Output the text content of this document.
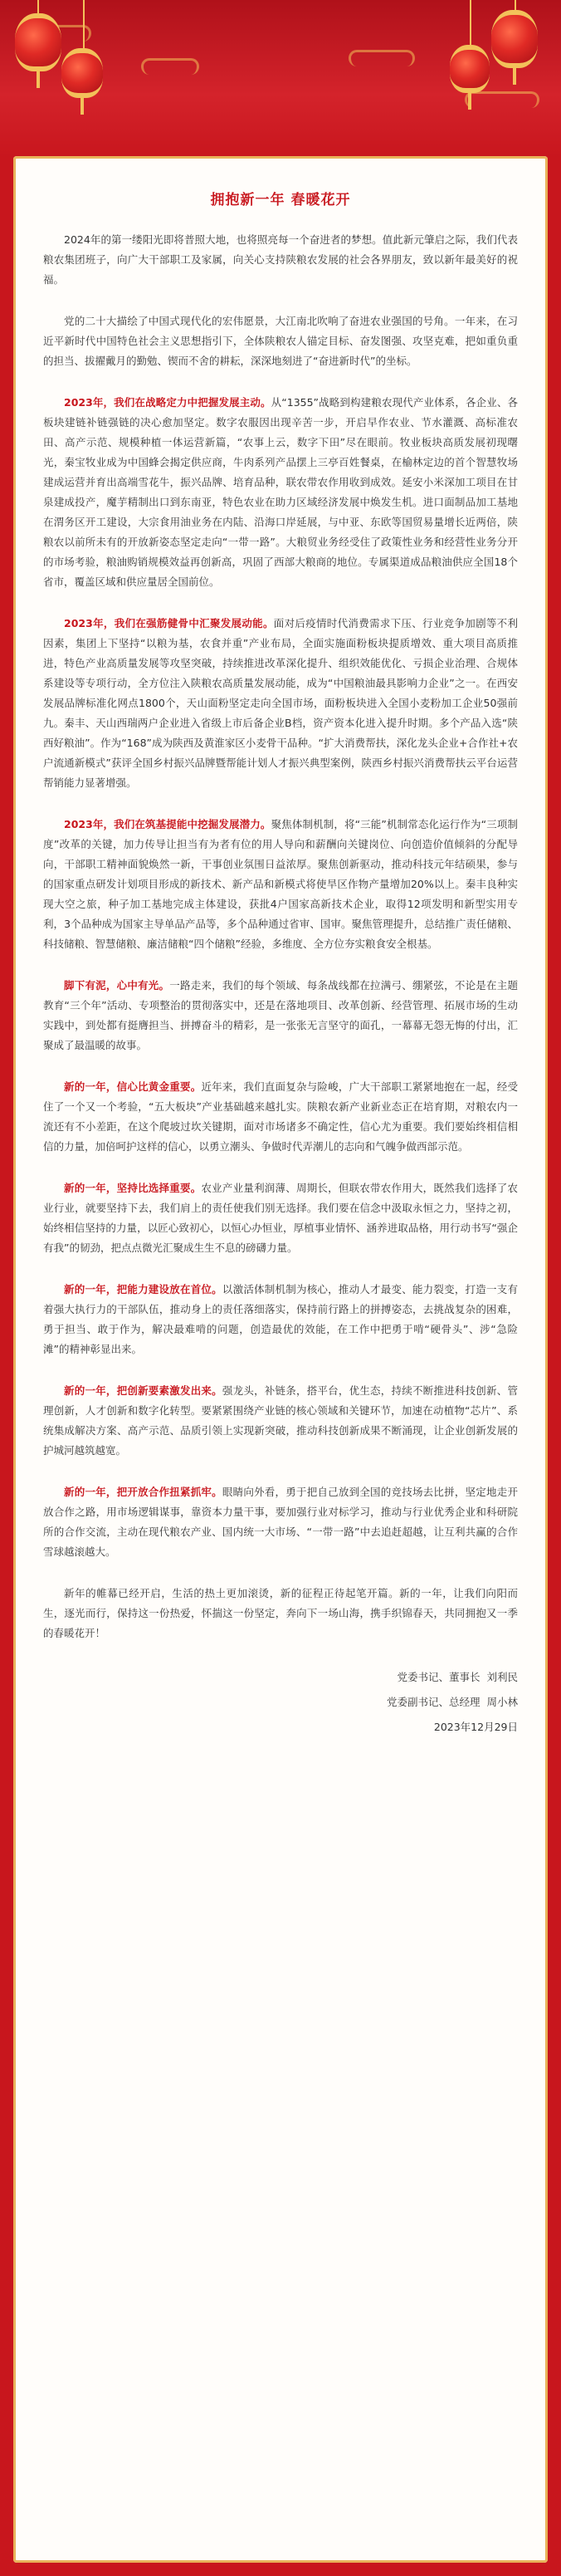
拥抱新一年 春暖花开

2024年的第一缕阳光即将普照大地，也将照亮每一个奋进者的梦想。值此新元肇启之际，我们代表粮农集团班子，向广大干部职工及家属，向关心支持陕粮农发展的社会各界朋友，致以新年最美好的祝福。

党的二十大描绘了中国式现代化的宏伟愿景，大江南北吹响了奋进农业强国的号角。一年来，在习近平新时代中国特色社会主义思想指引下，全体陕粮农人锚定目标、奋发图强、攻坚克难，把如重负重的担当、拔擢戴月的勤勉、锲而不舍的耕耘，深深地刻进了“奋进新时代”的坐标。

2023年，我们在战略定力中把握发展主动。从“1355”战略到构建粮农现代产业体系，各企业、各板块建链补链强链的决心愈加坚定。数字农服因出现辛苦一步，开启早作农业、节水灌溉、高标准农田、高产示范、规模种植一体运营新篇，“农事上云，数字下田”尽在眼前。牧业板块高质发展初现曙光，秦宝牧业成为中国蜂会揭定供应商，牛肉系列产品摆上三亭百姓餐桌，在榆林定边的首个智慧牧场建成运营并育出高端雪花牛，振兴品牌、培育品种，联农带农作用收到成效。延安小米深加工项目在甘泉建成投产，魔芋精制出口到东南亚，特色农业在助力区域经济发展中焕发生机。进口面制品加工基地在渭务区开工建设，大宗食用油业务在内陆、沿海口岸延展，与中亚、东欧等国贸易量增长近两倍，陕粮农以前所未有的开放新姿态坚定走向“一带一路”。大粮贸业务经受住了政策性业务和经营性业务分开的市场考验，粮油购销规模效益再创新高，巩固了西部大粮商的地位。专属渠道成品粮油供应全国18个省市，覆盖区域和供应量居全国前位。

2023年，我们在强筋健骨中汇聚发展动能。面对后疫情时代消费需求下压、行业竞争加剧等不利因素，集团上下坚持“以粮为基，农食并重”产业布局，全面实施面粉板块提质增效、重大项目高质推进，特色产业高质量发展等攻坚突破，持续推进改革深化提升、组织效能优化、亏损企业治理、合规体系建设等专项行动，全方位注入陕粮农高质量发展动能，成为“中国粮油最具影响力企业”之一。在西安发展品牌标准化网点1800个，天山面粉坚定走向全国市场，面粉板块进入全国小麦粉加工企业50强前九。秦丰、天山西瑞两户企业进入省级上市后备企业B档，资产资本化进入提升时期。多个产品入选“陕西好粮油”。作为“168”成为陕西及黄淮家区小麦骨干品种。“扩大消费帮扶，深化龙头企业+合作社+农户流通新模式”获评全国乡村振兴品牌暨帮能计划人才振兴典型案例，陕西乡村振兴消费帮扶云平台运营帮销能力显著增强。

2023年，我们在筑基提能中挖掘发展潜力。聚焦体制机制，将“三能”机制常态化运行作为“三项制度”改革的关键，加力传导让担当有为者有位的用人导向和薪酬向关键岗位、向创造价值倾斜的分配导向，干部职工精神面貌焕然一新，干事创业氛围日益浓厚。聚焦创新驱动，推动科技元年结硕果，参与的国家重点研发计划项目形成的新技术、新产品和新模式将使旱区作物产量增加20%以上。秦丰良种实现大空之旅，种子加工基地完成主体建设，获批4户国家高新技术企业，取得12项发明和新型实用专利，3个品种成为国家主导单品产品等，多个品种通过省审、国审。聚焦管理提升，总结推广责任储粮、科技储粮、智慧储粮、廉洁储粮“四个储粮”经验，多维度、全方位夯实粮食安全根基。

脚下有泥，心中有光。一路走来，我们的每个领域、每条战线都在拉满弓、绷紧弦，不论是在主题教育“三个年”活动、专项整治的贯彻落实中，还是在落地项目、改革创新、经营管理、拓展市场的生动实践中，到处都有挺膺担当、拼搏奋斗的精彩，是一张张无言坚守的面孔，一幕幕无怨无悔的付出，汇聚成了最温暖的故事。

新的一年，信心比黄金重要。近年来，我们直面复杂与险峻，广大干部职工紧紧地抱在一起，经受住了一个又一个考验，“五大板块”产业基础越来越扎实。陕粮农新产业新业态正在培育期，对粮农内一流还有不小差距，在这个爬坡过坎关键期，面对市场诸多不确定性，信心尤为重要。我们要始终相信相信的力量，加倍呵护这样的信心，以勇立潮头、争做时代弄潮儿的志向和气魄争做西部示范。

新的一年，坚持比选择重要。农业产业量利润薄、周期长，但联农带农作用大，既然我们选择了农业行业，就要坚持下去，我们肩上的责任使我们别无选择。我们要在信念中汲取永恒之力，坚持之初，始终相信坚持的力量，以匠心致初心，以恒心办恒业，厚植事业情怀、涵养进取品格，用行动书写“强企有我”的韧劲，把点点微光汇聚成生生不息的磅礴力量。

新的一年，把能力建设放在首位。以激活体制机制为核心，推动人才最变、能力裂变，打造一支有着强大执行力的干部队伍，推动身上的责任落细落实，保持前行路上的拼搏姿态，去挑战复杂的困难，勇于担当、敢于作为，解决最难啃的问题，创造最优的效能，在工作中把勇于啃“硬骨头”、涉“急险滩”的精神彰显出来。

新的一年，把创新要素激发出来。强龙头，补链条，搭平台，优生态，持续不断推进科技创新、管理创新，人才创新和数字化转型。要紧紧围绕产业链的核心领域和关键环节，加速在动植物“芯片”、系统集成解决方案、高产示范、品质引领上实现新突破，推动科技创新成果不断涌现，让企业创新发展的护城河越筑越宽。

新的一年，把开放合作扭紧抓牢。眼睛向外看，勇于把自己放到全国的竞技场去比拼，坚定地走开放合作之路，用市场逻辑谋事，靠资本力量干事，要加强行业对标学习，推动与行业优秀企业和科研院所的合作交流，主动在现代粮农产业、国内统一大市场、“一带一路”中去追赶超越，让互利共赢的合作雪球越滚越大。

新年的帷幕已经开启，生活的热土更加滚烫，新的征程正待起笔开篇。新的一年，让我们向阳而生，逐光而行，保持这一份热爱，怀揣这一份坚定，奔向下一场山海，携手织锦春天，共同拥抱又一季的春暖花开！

党委书记、董事长 刘利民
党委副书记、总经理 周小林
2023年12月29日
